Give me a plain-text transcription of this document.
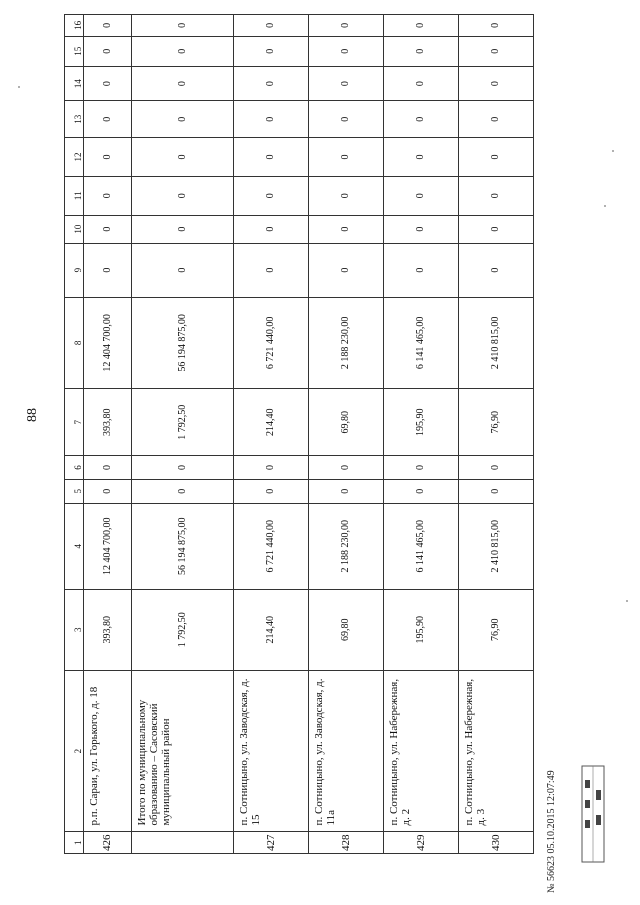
88
1	2	3	4	5	6	7	8	9	10	11	12	13	14	15	16
426	р.п. Сараи, ул. Горького, д. 18	393,80	12 404 700,00	0	0	393,80	12 404 700,00	0	0	0	0	0	0	0	0
	Итого по муниципальному образованию – Сасовский муниципальный район	1 792,50	56 194 875,00	0	0	1 792,50	56 194 875,00	0	0	0	0	0	0	0	0
427	п. Сотницыно, ул. Заводская, д. 15	214,40	6 721 440,00	0	0	214,40	6 721 440,00	0	0	0	0	0	0	0	0
428	п. Сотницыно, ул. Заводская, д. 11а	69,80	2 188 230,00	0	0	69,80	2 188 230,00	0	0	0	0	0	0	0	0
429	п. Сотницыно, ул. Набережная, д. 2	195,90	6 141 465,00	0	0	195,90	6 141 465,00	0	0	0	0	0	0	0	0
430	п. Сотницыно, ул. Набережная, д. 3	76,90	2 410 815,00	0	0	76,90	2 410 815,00	0	0	0	0	0	0	0	0
№ 56623 05.10.2015 12:07:49
